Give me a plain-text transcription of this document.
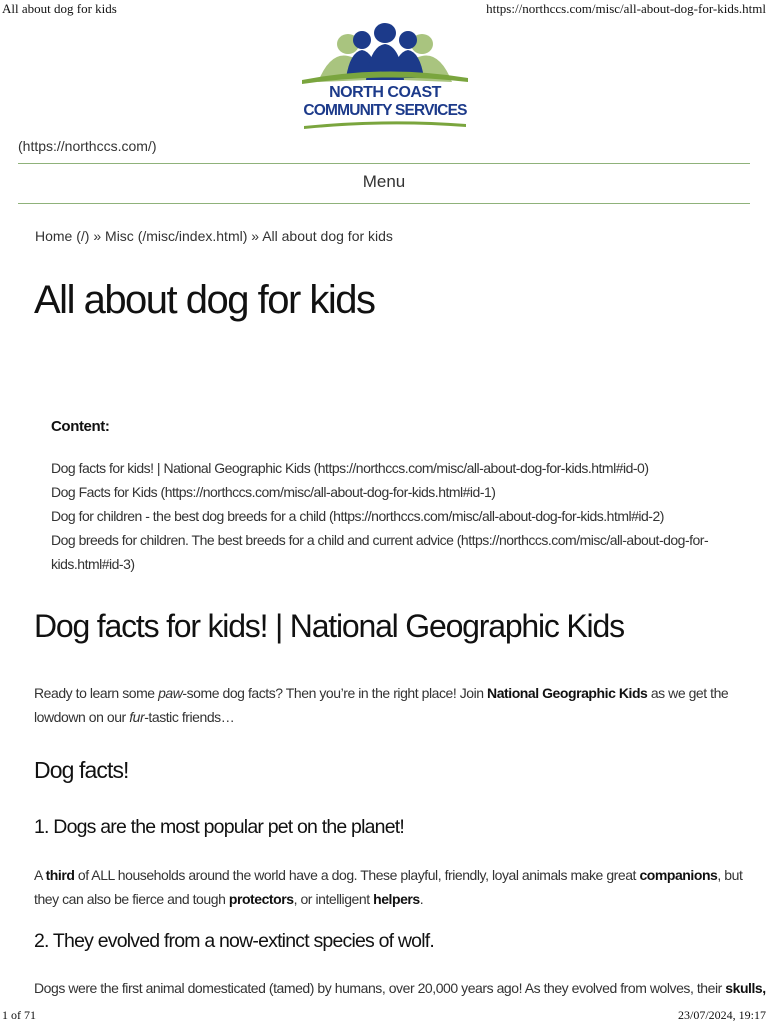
All about dog for kids	https://northccs.com/misc/all-about-dog-for-kids.html
NORTH COAST
COMMUNITY SERVICES
(https://northccs.com/)
Menu
Home (/) » Misc (/misc/index.html) » All about dog for kids
All about dog for kids
Content:
Dog facts for kids! | National Geographic Kids (https://northccs.com/misc/all-about-dog-for-kids.html#id-0)
Dog Facts for Kids (https://northccs.com/misc/all-about-dog-for-kids.html#id-1)
Dog for children - the best dog breeds for a child (https://northccs.com/misc/all-about-dog-for-kids.html#id-2)
Dog breeds for children. The best breeds for a child and current advice (https://northccs.com/misc/all-about-dog-for-
kids.html#id-3)
Dog facts for kids! | National Geographic Kids

Ready to learn some paw-some dog facts? Then you’re in the right place! Join National Geographic Kids as we get the lowdown on our fur-tastic friends…

Dog facts!
1. Dogs are the most popular pet on the planet!

A third of ALL households around the world have a dog. These playful, friendly, loyal animals make great companions, but they can also be fierce and tough protectors, or intelligent helpers.

2. They evolved from a now-extinct species of wolf.

Dogs were the first animal domesticated (tamed) by humans, over 20,000 years ago! As they evolved from wolves, their skulls,

1 of 71	23/07/2024, 19:17
